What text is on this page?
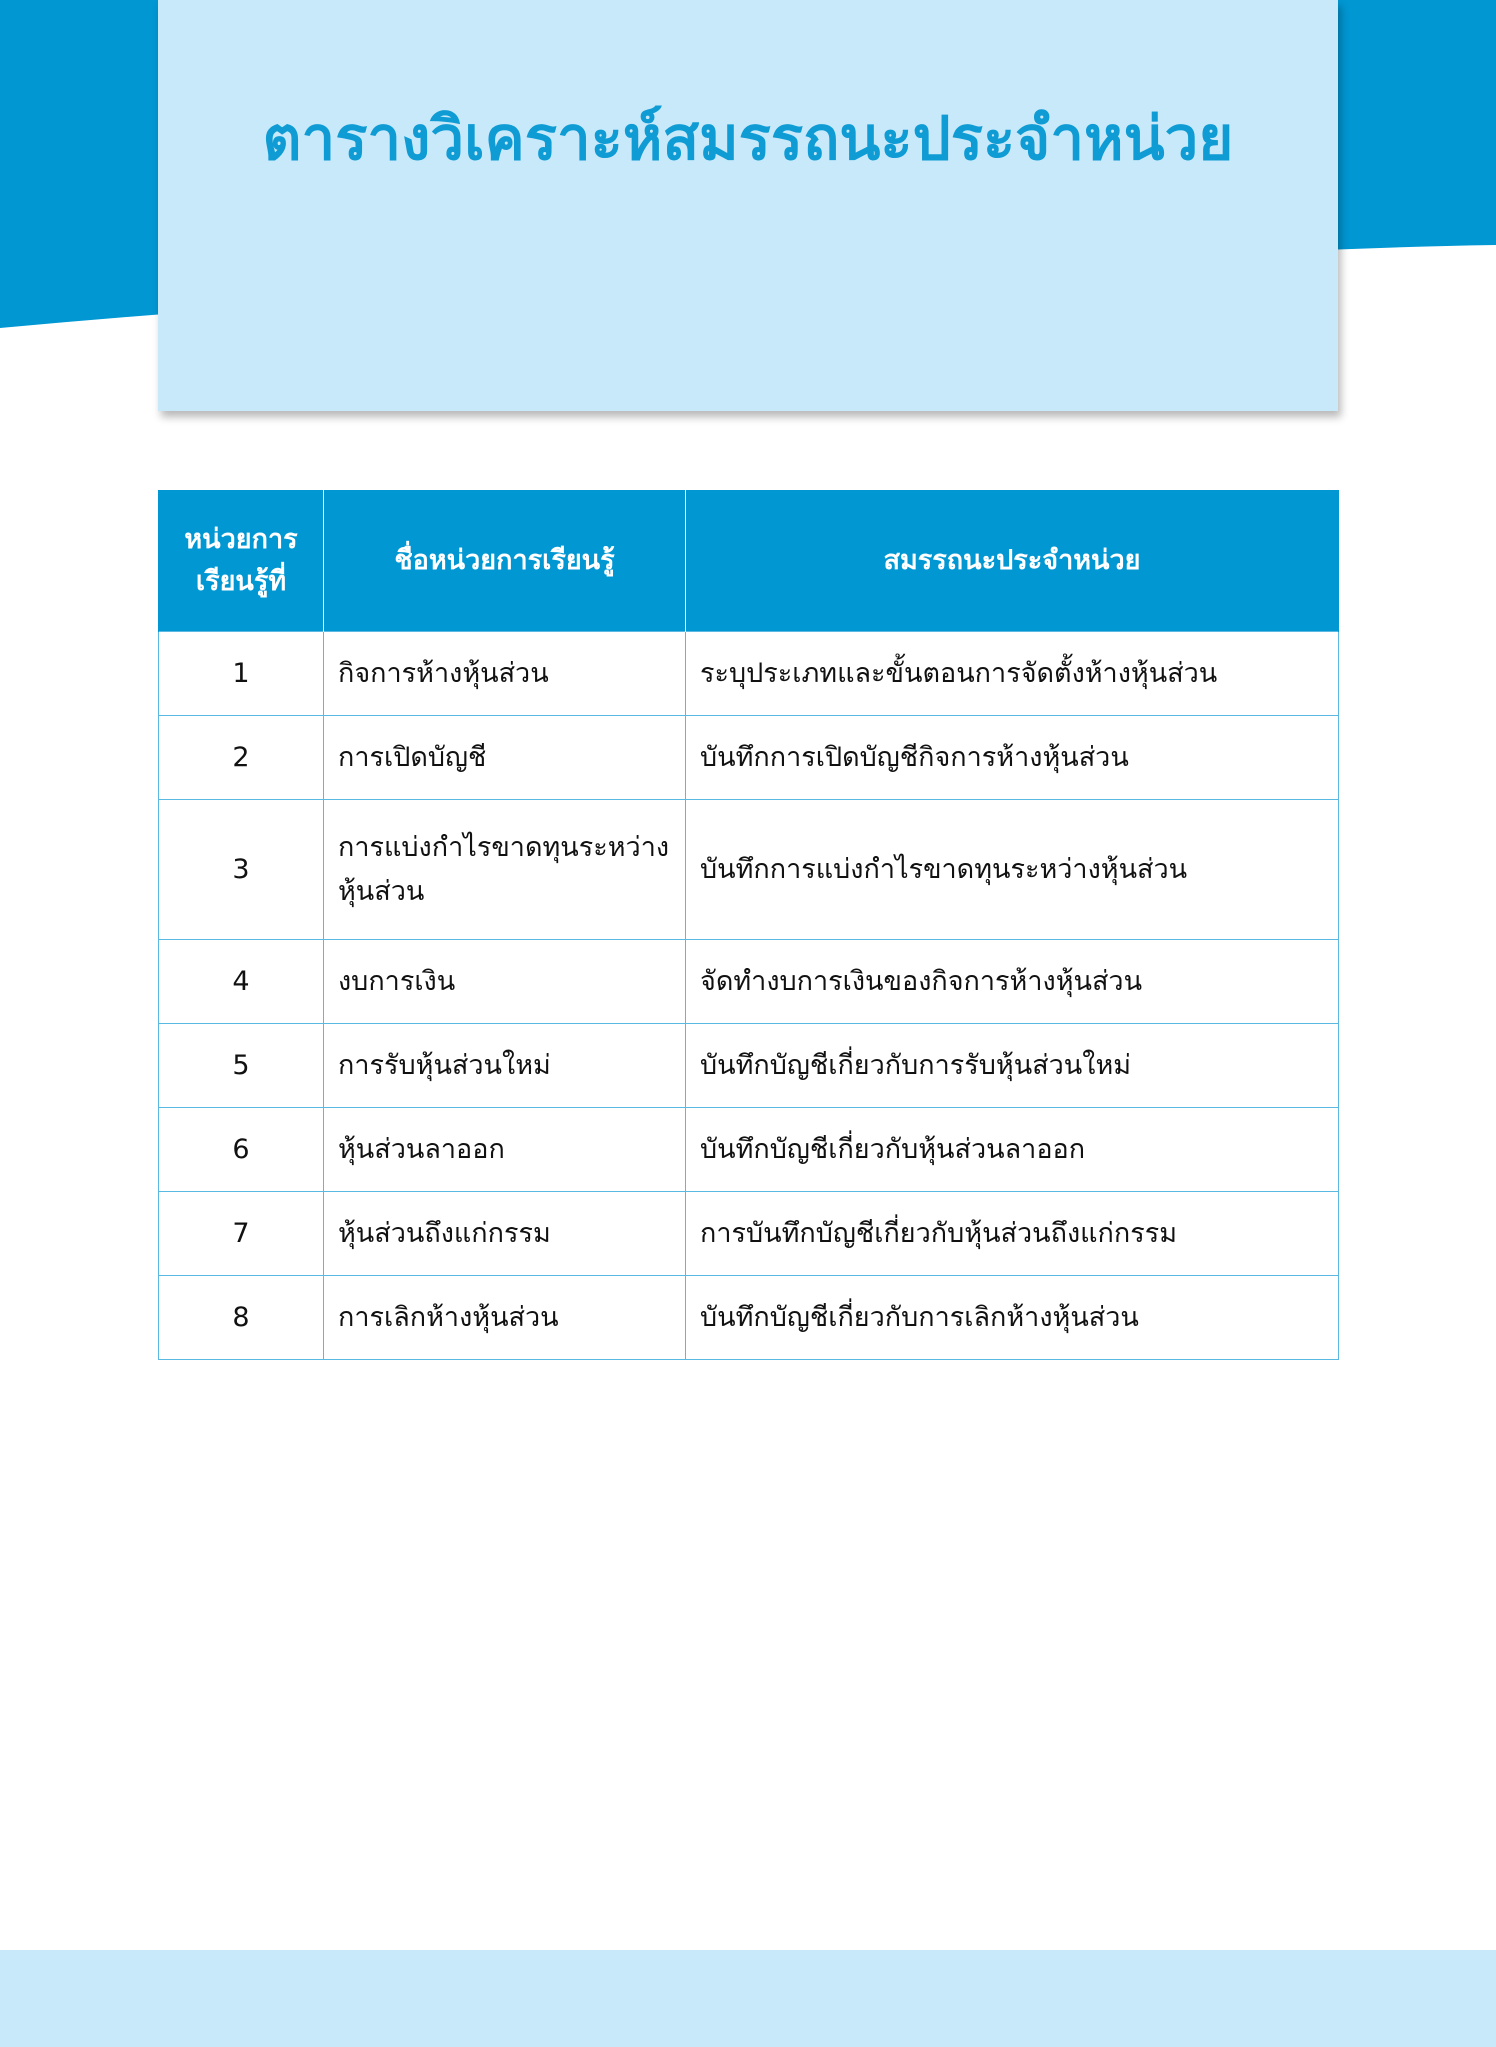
ตารางวิเคราะห์สมรรถนะประจำหน่วย
หน่วยการเรียนรู้ที่	ชื่อหน่วยการเรียนรู้	สมรรถนะประจำหน่วย
1	กิจการห้างหุ้นส่วน	ระบุประเภทและขั้นตอนการจัดตั้งห้างหุ้นส่วน
2	การเปิดบัญชี	บันทึกการเปิดบัญชีกิจการห้างหุ้นส่วน
3	การแบ่งกำไรขาดทุนระหว่างหุ้นส่วน	บันทึกการแบ่งกำไรขาดทุนระหว่างหุ้นส่วน
4	งบการเงิน	จัดทำงบการเงินของกิจการห้างหุ้นส่วน
5	การรับหุ้นส่วนใหม่	บันทึกบัญชีเกี่ยวกับการรับหุ้นส่วนใหม่
6	หุ้นส่วนลาออก	บันทึกบัญชีเกี่ยวกับหุ้นส่วนลาออก
7	หุ้นส่วนถึงแก่กรรม	การบันทึกบัญชีเกี่ยวกับหุ้นส่วนถึงแก่กรรม
8	การเลิกห้างหุ้นส่วน	บันทึกบัญชีเกี่ยวกับการเลิกห้างหุ้นส่วน
